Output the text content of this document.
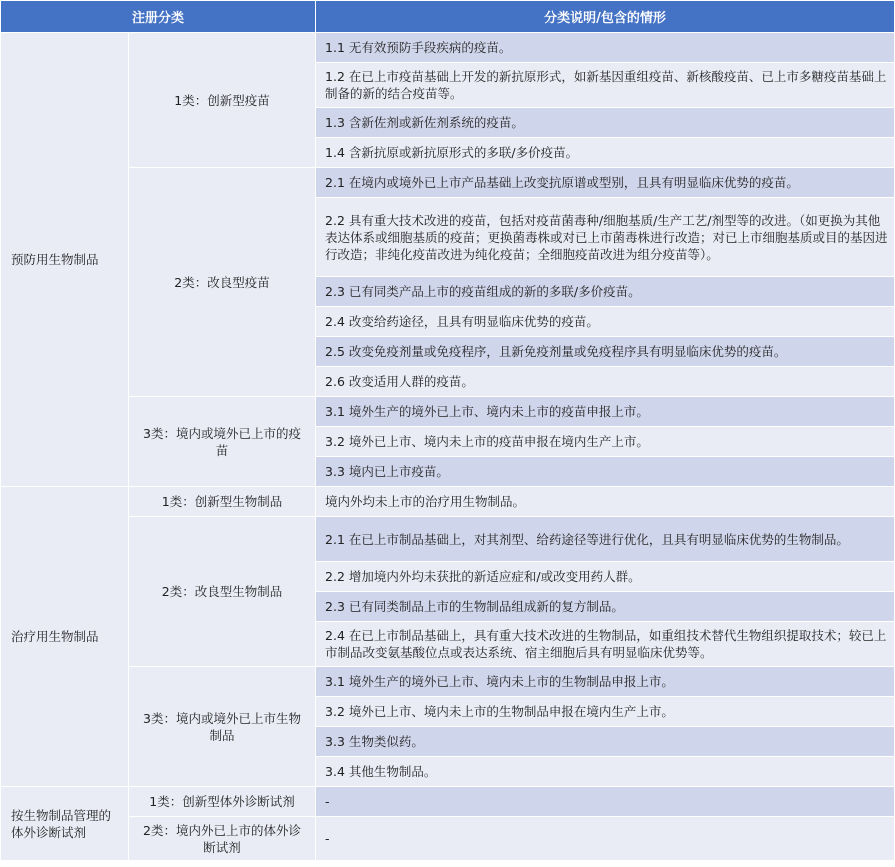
注册分类		分类说明/包含的情形
预防用生物制品	1类：创新型疫苗	1.1 无有效预防手段疾病的疫苗。
		1.2 在已上市疫苗基础上开发的新抗原形式，如新基因重组疫苗、新核酸疫苗、已上市多糖疫苗基础上制备的新的结合疫苗等。
		1.3 含新佐剂或新佐剂系统的疫苗。
		1.4 含新抗原或新抗原形式的多联/多价疫苗。
	2类：改良型疫苗	2.1 在境内或境外已上市产品基础上改变抗原谱或型别，且具有明显临床优势的疫苗。
		2.2 具有重大技术改进的疫苗，包括对疫苗菌毒种/细胞基质/生产工艺/剂型等的改进。（如更换为其他表达体系或细胞基质的疫苗；更换菌毒株或对已上市菌毒株进行改造；对已上市细胞基质或目的基因进行改造；非纯化疫苗改进为纯化疫苗；全细胞疫苗改进为组分疫苗等）。
		2.3 已有同类产品上市的疫苗组成的新的多联/多价疫苗。
		2.4 改变给药途径，且具有明显临床优势的疫苗。
		2.5 改变免疫剂量或免疫程序，且新免疫剂量或免疫程序具有明显临床优势的疫苗。
		2.6 改变适用人群的疫苗。
	3类：境内或境外已上市的疫苗	3.1 境外生产的境外已上市、境内未上市的疫苗申报上市。
		3.2 境外已上市、境内未上市的疫苗申报在境内生产上市。
		3.3 境内已上市疫苗。
治疗用生物制品	1类：创新型生物制品	境内外均未上市的治疗用生物制品。
	2类：改良型生物制品	2.1 在已上市制品基础上，对其剂型、给药途径等进行优化，且具有明显临床优势的生物制品。
		2.2 增加境内外均未获批的新适应症和/或改变用药人群。
		2.3 已有同类制品上市的生物制品组成新的复方制品。
		2.4 在已上市制品基础上，具有重大技术改进的生物制品，如重组技术替代生物组织提取技术；较已上市制品改变氨基酸位点或表达系统、宿主细胞后具有明显临床优势等。
	3类：境内或境外已上市生物制品	3.1 境外生产的境外已上市、境内未上市的生物制品申报上市。
		3.2 境外已上市、境内未上市的生物制品申报在境内生产上市。
		3.3 生物类似药。
		3.4 其他生物制品。
按生物制品管理的体外诊断试剂	1类：创新型体外诊断试剂	-
	2类：境内外已上市的体外诊断试剂	-
